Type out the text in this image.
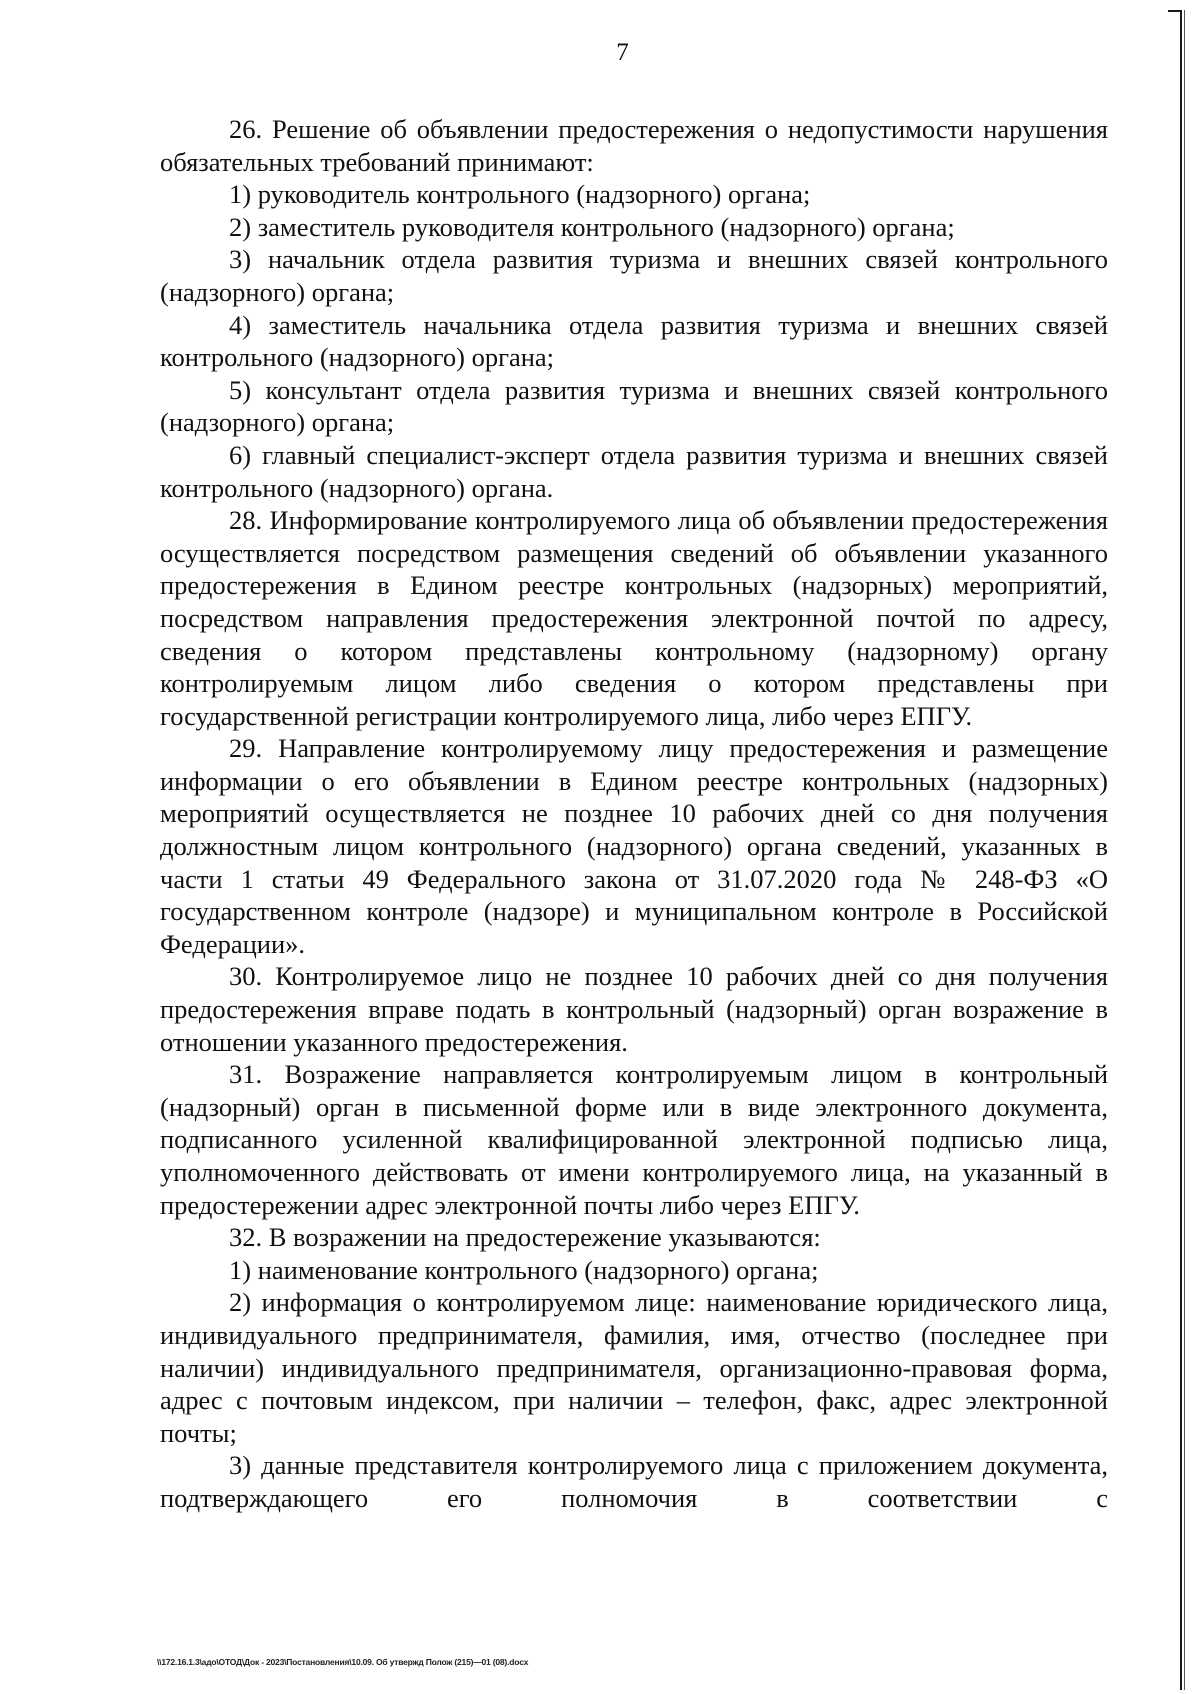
7

26. Решение об объявлении предостережения о недопустимости нарушения обязательных требований принимают:

1) руководитель контрольного (надзорного) органа;

2) заместитель руководителя контрольного (надзорного) органа;

3) начальник отдела развития туризма и внешних связей контрольного (надзорного) органа;

4) заместитель начальника отдела развития туризма и внешних связей контрольного (надзорного) органа;

5) консультант отдела развития туризма и внешних связей контрольного (надзорного) органа;

6) главный специалист-эксперт отдела развития туризма и внешних связей контрольного (надзорного) органа.

28. Информирование контролируемого лица об объявлении предостережения осуществляется посредством размещения сведений об объявлении указанного предостережения в Едином реестре контрольных (надзорных) мероприятий, посредством направления предостережения электронной почтой по адресу, сведения о котором представлены контрольному (надзорному) органу контролируемым лицом либо сведения о котором представлены при государственной регистрации контролируемого лица, либо через ЕПГУ.

29. Направление контролируемому лицу предостережения и размещение информации о его объявлении в Едином реестре контрольных (надзорных) мероприятий осуществляется не позднее 10 рабочих дней со дня получения должностным лицом контрольного (надзорного) органа сведений, указанных в части 1 статьи 49 Федерального закона от 31.07.2020 года № 248-ФЗ «О государственном контроле (надзоре) и муниципальном контроле в Российской Федерации».

30. Контролируемое лицо не позднее 10 рабочих дней со дня получения предостережения вправе подать в контрольный (надзорный) орган возражение в отношении указанного предостережения.

31. Возражение направляется контролируемым лицом в контрольный (надзорный) орган в письменной форме или в виде электронного документа, подписанного усиленной квалифицированной электронной подписью лица, уполномоченного действовать от имени контролируемого лица, на указанный в предостережении адрес электронной почты либо через ЕПГУ.

32. В возражении на предостережение указываются:

1) наименование контрольного (надзорного) органа;

2) информация о контролируемом лице: наименование юридического лица, индивидуального предпринимателя, фамилия, имя, отчество (последнее при наличии) индивидуального предпринимателя, организационно-правовая форма, адрес с почтовым индексом, при наличии – телефон, факс, адрес электронной почты;

3) данные представителя контролируемого лица с приложением документа, подтверждающего его полномочия в соответствии с

\\172.16.1.3\адо\ОТОД\Док - 2023\Постановления\10.09. Об утвержд Полож (215)—01 (08).docx
